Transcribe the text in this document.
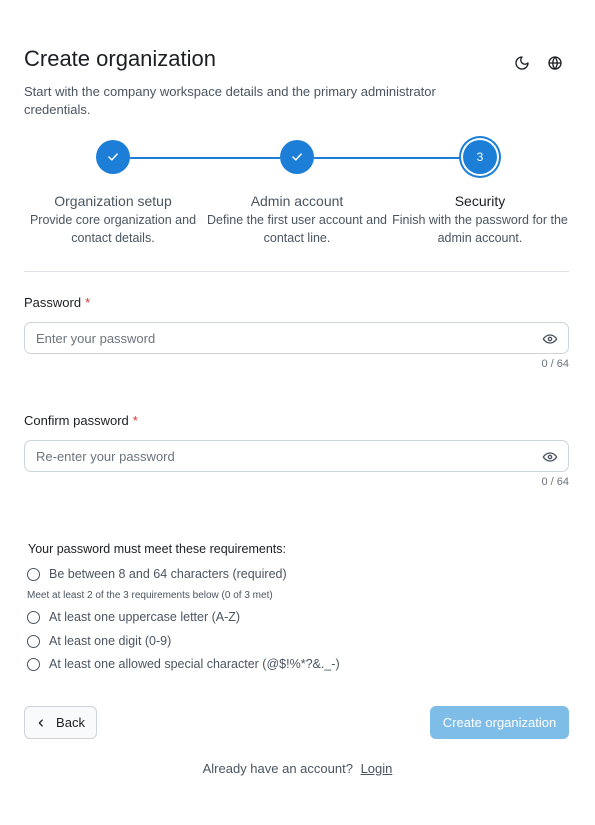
Create organization

Start with the company workspace details and the primary administrator credentials.

3
Organization setup
Provide core organization and contact details.
Admin account
Define the first user account and contact line.
Security
Finish with the password for the admin account.
Password *
0 / 64
Confirm password *
0 / 64
Your password must meet these requirements:
Be between 8 and 64 characters (required)
Meet at least 2 of the 3 requirements below (0 of 3 met)
At least one uppercase letter (A-Z)
At least one digit (0-9)
At least one allowed special character (@$!%*?&._-)
Back	Create organization
Already have an account? Login
